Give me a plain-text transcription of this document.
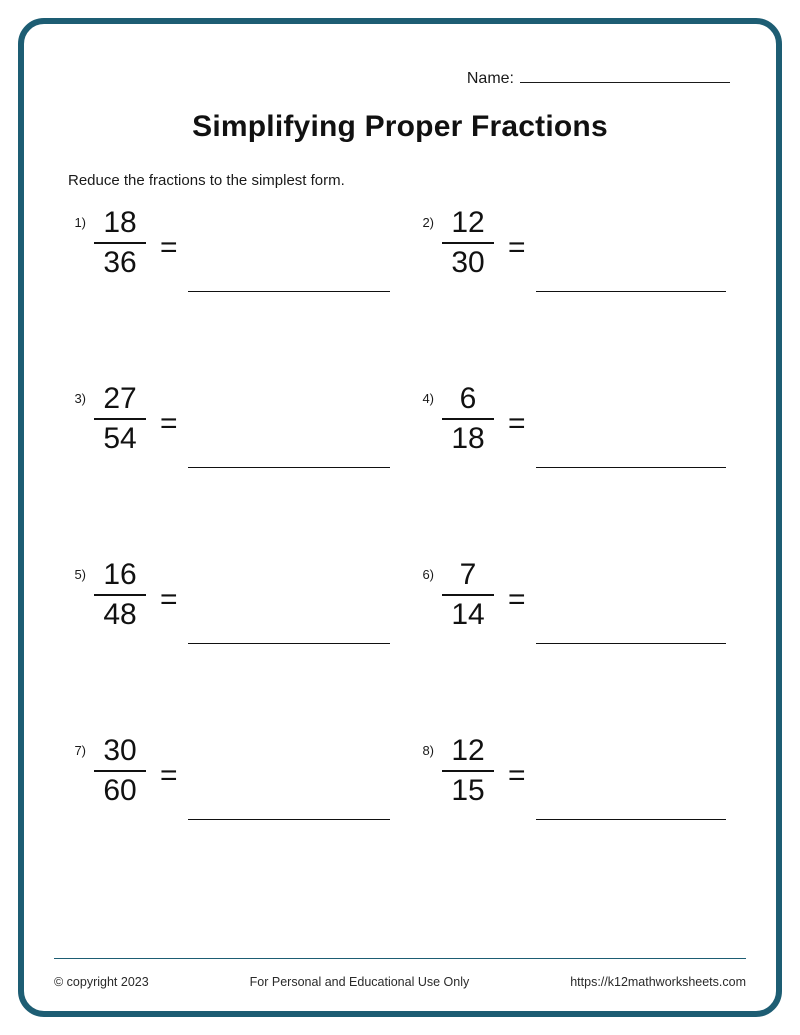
Name:
Simplifying Proper Fractions
Reduce the fractions to the simplest form.
$1) \frac{18}{36}$ =
$2) \frac{12}{30}$ =
$3) \frac{27}{54}$ =
$4) \frac{6}{18}$ =
$5) \frac{16}{48}$ =
$6) \frac{7}{14}$ =
$7) \frac{30}{60}$ =
$8) \frac{12}{15}$ =
© copyright 2023	For Personal and Educational Use Only	https://k12mathworksheets.com
